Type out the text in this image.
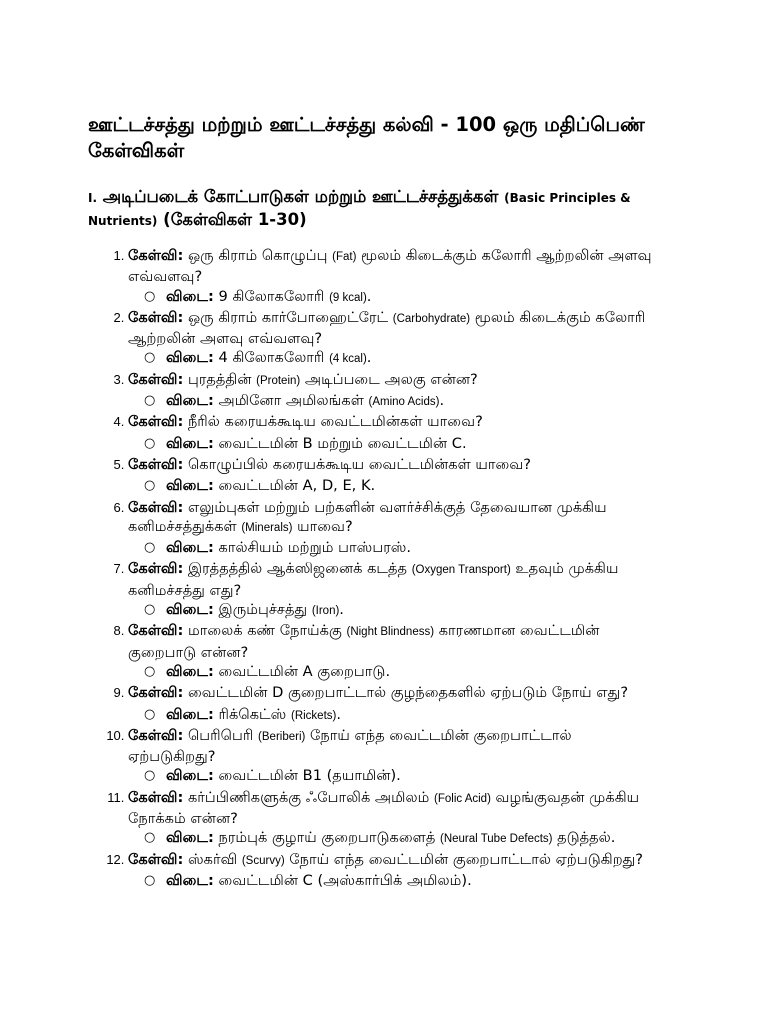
ஊட்டச்சத்து மற்றும் ஊட்டச்சத்து கல்வி - 100 ஒரு மதிப்பெண் கேள்விகள்
I. அடிப்படைக் கோட்பாடுகள் மற்றும் ஊட்டச்சத்துக்கள் (Basic Principles & Nutrients) (கேள்விகள் 1-30)
1. கேள்வி: ஒரு கிராம் கொழுப்பு (Fat) மூலம் கிடைக்கும் கலோரி ஆற்றலின் அளவு எவ்வளவு?
○ விடை: 9 கிலோகலோரி (9 kcal).
2. கேள்வி: ஒரு கிராம் கார்போஹைட்ரேட் (Carbohydrate) மூலம் கிடைக்கும் கலோரி ஆற்றலின் அளவு எவ்வளவு?
○ விடை: 4 கிலோகலோரி (4 kcal).
3. கேள்வி: புரதத்தின் (Protein) அடிப்படை அலகு என்ன?
○ விடை: அமினோ அமிலங்கள் (Amino Acids).
4. கேள்வி: நீரில் கரையக்கூடிய வைட்டமின்கள் யாவை?
○ விடை: வைட்டமின் B மற்றும் வைட்டமின் C.
5. கேள்வி: கொழுப்பில் கரையக்கூடிய வைட்டமின்கள் யாவை?
○ விடை: வைட்டமின் A, D, E, K.
6. கேள்வி: எலும்புகள் மற்றும் பற்களின் வளர்ச்சிக்குத் தேவையான முக்கிய கனிமச்சத்துக்கள் (Minerals) யாவை?
○ விடை: கால்சியம் மற்றும் பாஸ்பரஸ்.
7. கேள்வி: இரத்தத்தில் ஆக்ஸிஜனைக் கடத்த (Oxygen Transport) உதவும் முக்கிய கனிமச்சத்து எது?
○ விடை: இரும்புச்சத்து (Iron).
8. கேள்வி: மாலைக் கண் நோய்க்கு (Night Blindness) காரணமான வைட்டமின் குறைபாடு என்ன?
○ விடை: வைட்டமின் A குறைபாடு.
9. கேள்வி: வைட்டமின் D குறைபாட்டால் குழந்தைகளில் ஏற்படும் நோய் எது?
○ விடை: ரிக்கெட்ஸ் (Rickets).
10. கேள்வி: பெரிபெரி (Beriberi) நோய் எந்த வைட்டமின் குறைபாட்டால் ஏற்படுகிறது?
○ விடை: வைட்டமின் B1 (தயாமின்).
11. கேள்வி: கர்ப்பிணிகளுக்கு ஃபோலிக் அமிலம் (Folic Acid) வழங்குவதன் முக்கிய நோக்கம் என்ன?
○ விடை: நரம்புக் குழாய் குறைபாடுகளைத் (Neural Tube Defects) தடுத்தல்.
12. கேள்வி: ஸ்கர்வி (Scurvy) நோய் எந்த வைட்டமின் குறைபாட்டால் ஏற்படுகிறது?
○ விடை: வைட்டமின் C (அஸ்கார்பிக் அமிலம்).
